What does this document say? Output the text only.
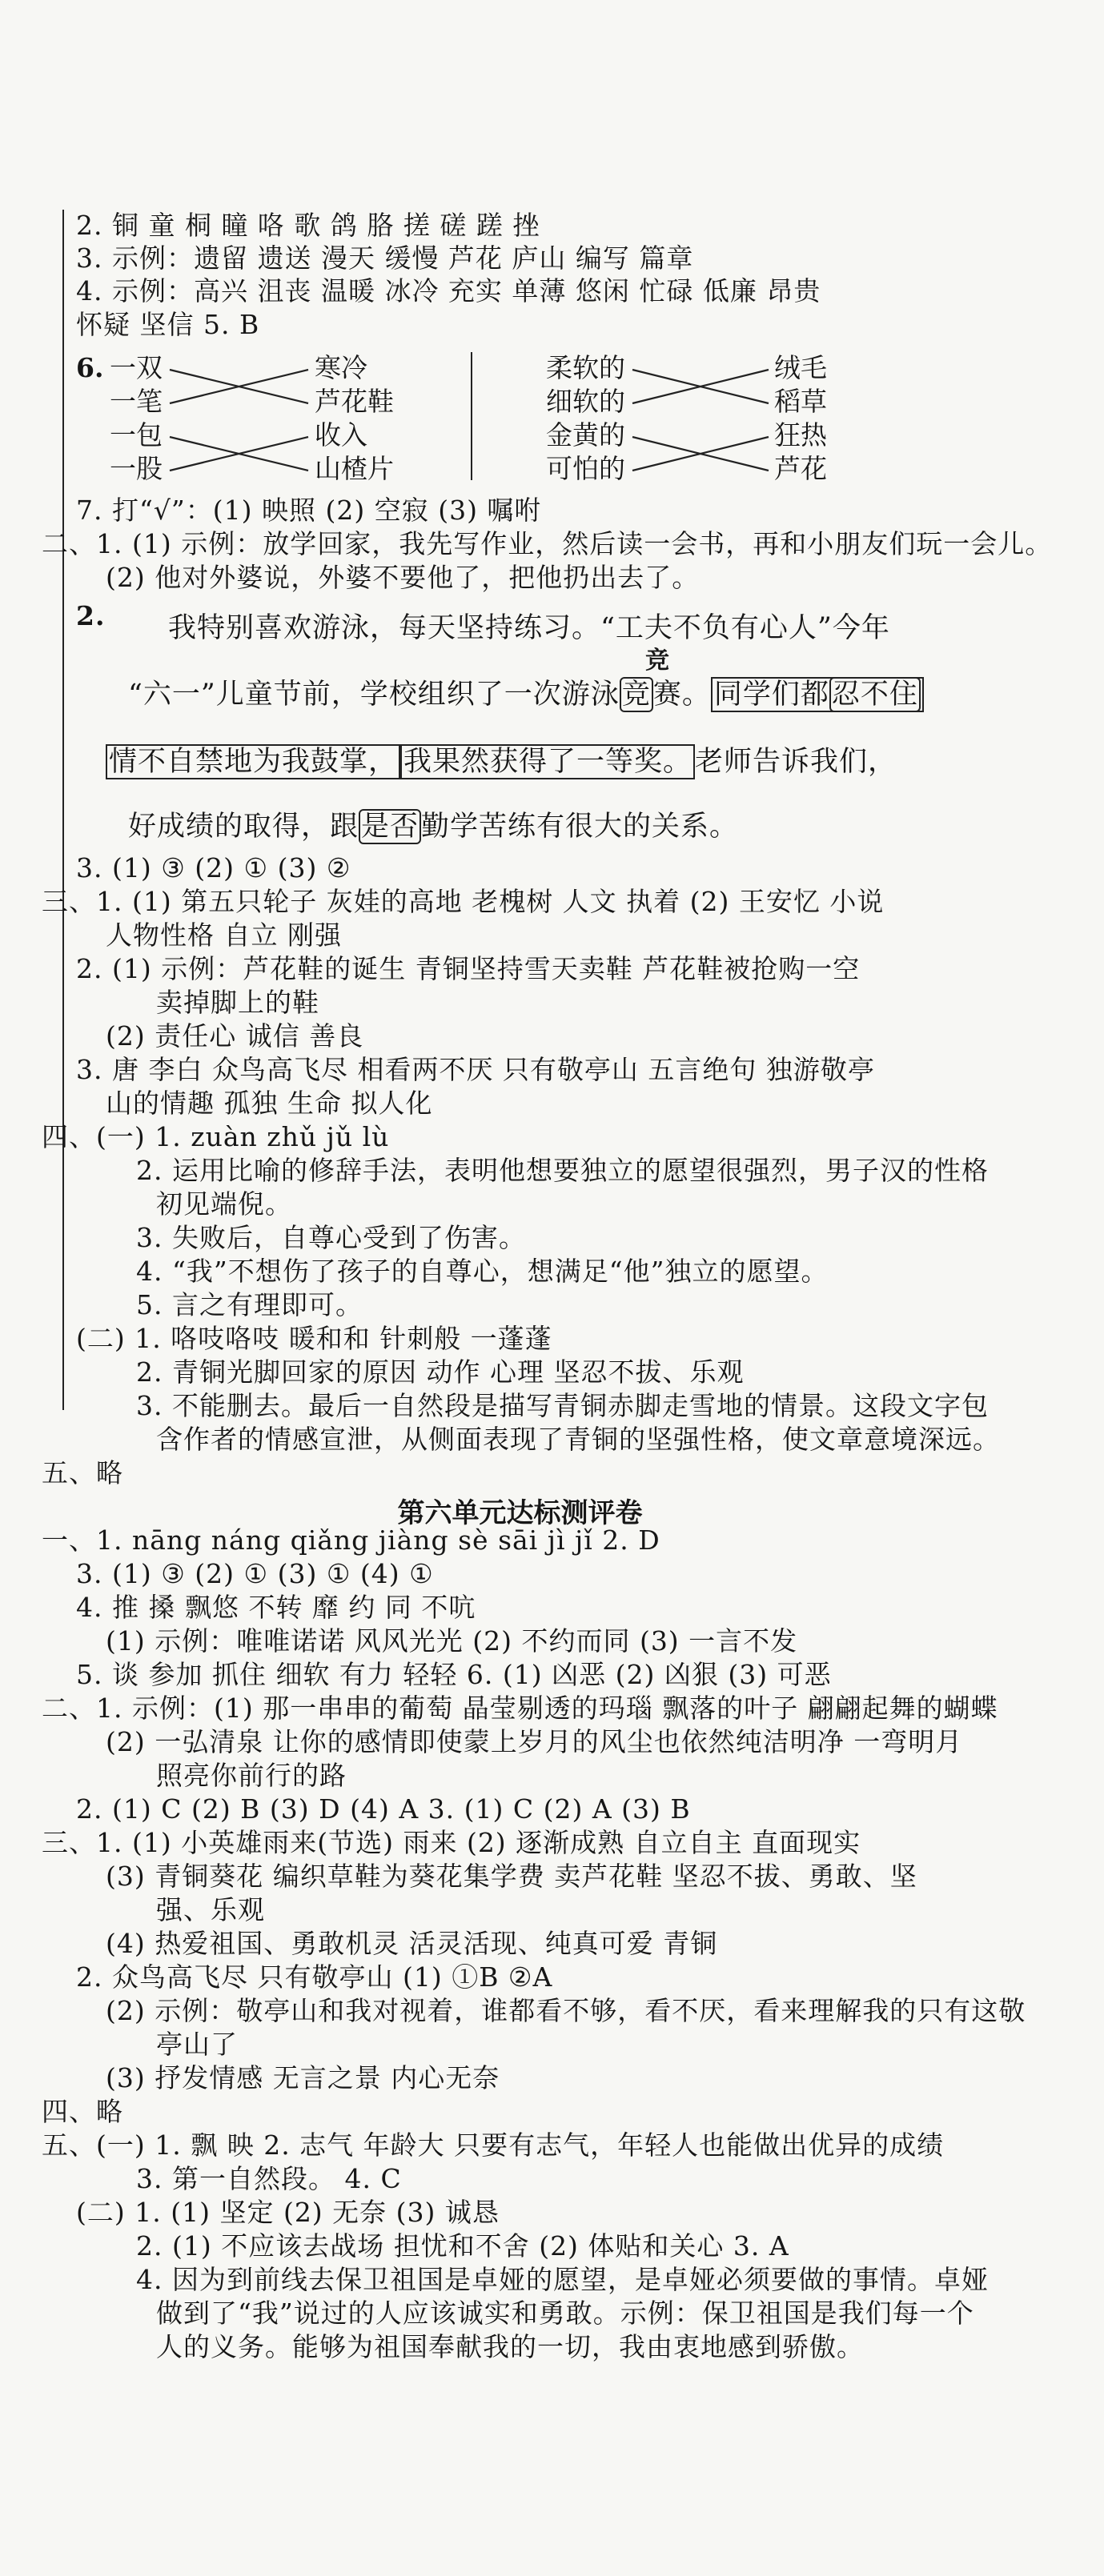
2. 铜 童 桐 瞳 咯 歌 鸽 胳 搓 磋 蹉 挫
3. 示例：遗留 遗送 漫天 缓慢 芦花 庐山 编写 篇章
4. 示例：高兴 沮丧 温暖 冰冷 充实 单薄 悠闲 忙碌 低廉 昂贵
怀疑 坚信 5. B
6. 一双
一笔
一包
一股
寒冷
芦花鞋
收入
山楂片
柔软的
细软的
金黄的
可怕的
绒毛
稻草
狂热
芦花
7. 打“√”：(1) 映照 (2) 空寂 (3) 嘱咐
二、1. (1) 示例：放学回家，我先写作业，然后读一会书，再和小朋友们玩一会儿。
(2) 他对外婆说，外婆不要他了，把他扔出去了。
2. 我特别喜欢游泳，每天坚持练习。“工夫不负有心人”今年
“六一”儿童节前，学校组织了一次游泳竞赛。 同学们都忍不住
竞
情不自禁地为我鼓掌， 我果然获得了一等奖。 老师告诉我们，
好成绩的取得，跟是否勤学苦练有很大的关系。
3. (1) ③ (2) ① (3) ②
三、1. (1) 第五只轮子 灰娃的高地 老槐树 人文 执着 (2) 王安忆 小说
人物性格 自立 刚强
2. (1) 示例：芦花鞋的诞生 青铜坚持雪天卖鞋 芦花鞋被抢购一空
卖掉脚上的鞋
(2) 责任心 诚信 善良
3. 唐 李白 众鸟高飞尽 相看两不厌 只有敬亭山 五言绝句 独游敬亭
山的情趣 孤独 生命 拟人化
四、(一) 1. zuàn zhǔ jǔ lù
2. 运用比喻的修辞手法，表明他想要独立的愿望很强烈，男子汉的性格
初见端倪。
3. 失败后，自尊心受到了伤害。
4. “我”不想伤了孩子的自尊心，想满足“他”独立的愿望。
5. 言之有理即可。
(二) 1. 咯吱咯吱 暖和和 针刺般 一蓬蓬
2. 青铜光脚回家的原因 动作 心理 坚忍不拔、乐观
3. 不能删去。最后一自然段是描写青铜赤脚走雪地的情景。这段文字包
含作者的情感宣泄，从侧面表现了青铜的坚强性格，使文章意境深远。
五、略
第六单元达标测评卷
一、1. nāng náng qiǎng jiàng sè sāi jì jǐ 2. D
3. (1) ③ (2) ① (3) ① (4) ①
4. 推 搡 飘悠 不转 靡 约 同 不吭
(1) 示例：唯唯诺诺 风风光光 (2) 不约而同 (3) 一言不发
5. 谈 参加 抓住 细软 有力 轻轻 6. (1) 凶恶 (2) 凶狠 (3) 可恶
二、1. 示例：(1) 那一串串的葡萄 晶莹剔透的玛瑙 飘落的叶子 翩翩起舞的蝴蝶
(2) 一弘清泉 让你的感情即使蒙上岁月的风尘也依然纯洁明净 一弯明月
照亮你前行的路
2. (1) C (2) B (3) D (4) A 3. (1) C (2) A (3) B
三、1. (1) 小英雄雨来(节选) 雨来 (2) 逐渐成熟 自立自主 直面现实
(3) 青铜葵花 编织草鞋为葵花集学费 卖芦花鞋 坚忍不拔、勇敢、坚
强、乐观
(4) 热爱祖国、勇敢机灵 活灵活现、纯真可爱 青铜
2. 众鸟高飞尽 只有敬亭山 (1) ①B ②A
(2) 示例：敬亭山和我对视着，谁都看不够，看不厌，看来理解我的只有这敬
亭山了
(3) 抒发情感 无言之景 内心无奈
四、略
五、(一) 1. 飘 映 2. 志气 年龄大 只要有志气，年轻人也能做出优异的成绩
3. 第一自然段。 4. C
(二) 1. (1) 坚定 (2) 无奈 (3) 诚恳
2. (1) 不应该去战场 担忧和不舍 (2) 体贴和关心 3. A
4. 因为到前线去保卫祖国是卓娅的愿望，是卓娅必须要做的事情。卓娅
做到了“我”说过的人应该诚实和勇敢。示例：保卫祖国是我们每一个
人的义务。能够为祖国奉献我的一切，我由衷地感到骄傲。
